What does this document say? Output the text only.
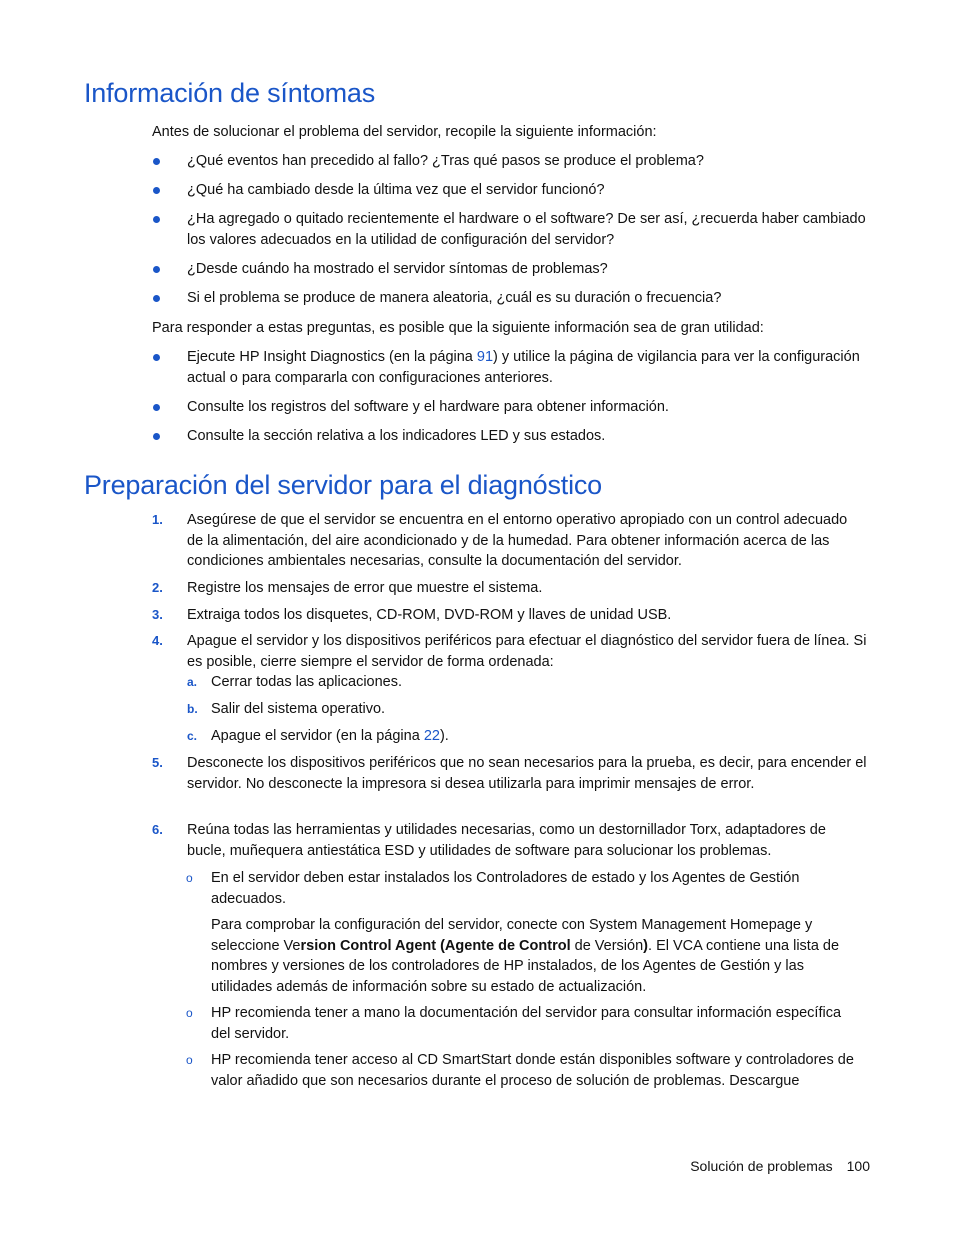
Información de síntomas

Antes de solucionar el problema del servidor, recopile la siguiente información:

¿Qué eventos han precedido al fallo? ¿Tras qué pasos se produce el problema?
¿Qué ha cambiado desde la última vez que el servidor funcionó?
¿Ha agregado o quitado recientemente el hardware o el software? De ser así, ¿recuerda haber cambiado los valores adecuados en la utilidad de configuración del servidor?
¿Desde cuándo ha mostrado el servidor síntomas de problemas?
Si el problema se produce de manera aleatoria, ¿cuál es su duración o frecuencia?

Para responder a estas preguntas, es posible que la siguiente información sea de gran utilidad:

Ejecute HP Insight Diagnostics (en la página 91) y utilice la página de vigilancia para ver la configuración actual o para compararla con configuraciones anteriores.
Consulte los registros del software y el hardware para obtener información.
Consulte la sección relativa a los indicadores LED y sus estados.
Preparación del servidor para el diagnóstico
1. Asegúrese de que el servidor se encuentra en el entorno operativo apropiado con un control adecuado de la alimentación, del aire acondicionado y de la humedad. Para obtener información acerca de las condiciones ambientales necesarias, consulte la documentación del servidor.
2. Registre los mensajes de error que muestre el sistema.
3. Extraiga todos los disquetes, CD-ROM, DVD-ROM y llaves de unidad USB.
4. Apague el servidor y los dispositivos periféricos para efectuar el diagnóstico del servidor fuera de línea. Si es posible, cierre siempre el servidor de forma ordenada:
a. Cerrar todas las aplicaciones.
b. Salir del sistema operativo.
c. Apague el servidor (en la página 22).
5. Desconecte los dispositivos periféricos que no sean necesarios para la prueba, es decir, para encender el servidor. No desconecte la impresora si desea utilizarla para imprimir mensajes de error.
6. Reúna todas las herramientas y utilidades necesarias, como un destornillador Torx, adaptadores de bucle, muñequera antiestática ESD y utilidades de software para solucionar los problemas.
o En el servidor deben estar instalados los Controladores de estado y los Agentes de Gestión adecuados.
Para comprobar la configuración del servidor, conecte con System Management Homepage y seleccione Version Control Agent (Agente de Control de Versión). El VCA contiene una lista de nombres y versiones de los controladores de HP instalados, de los Agentes de Gestión y las utilidades además de información sobre su estado de actualización.
o HP recomienda tener a mano la documentación del servidor para consultar información específica del servidor.
o HP recomienda tener acceso al CD SmartStart donde están disponibles software y controladores de valor añadido que son necesarios durante el proceso de solución de problemas. Descargue
Solución de problemas 100
